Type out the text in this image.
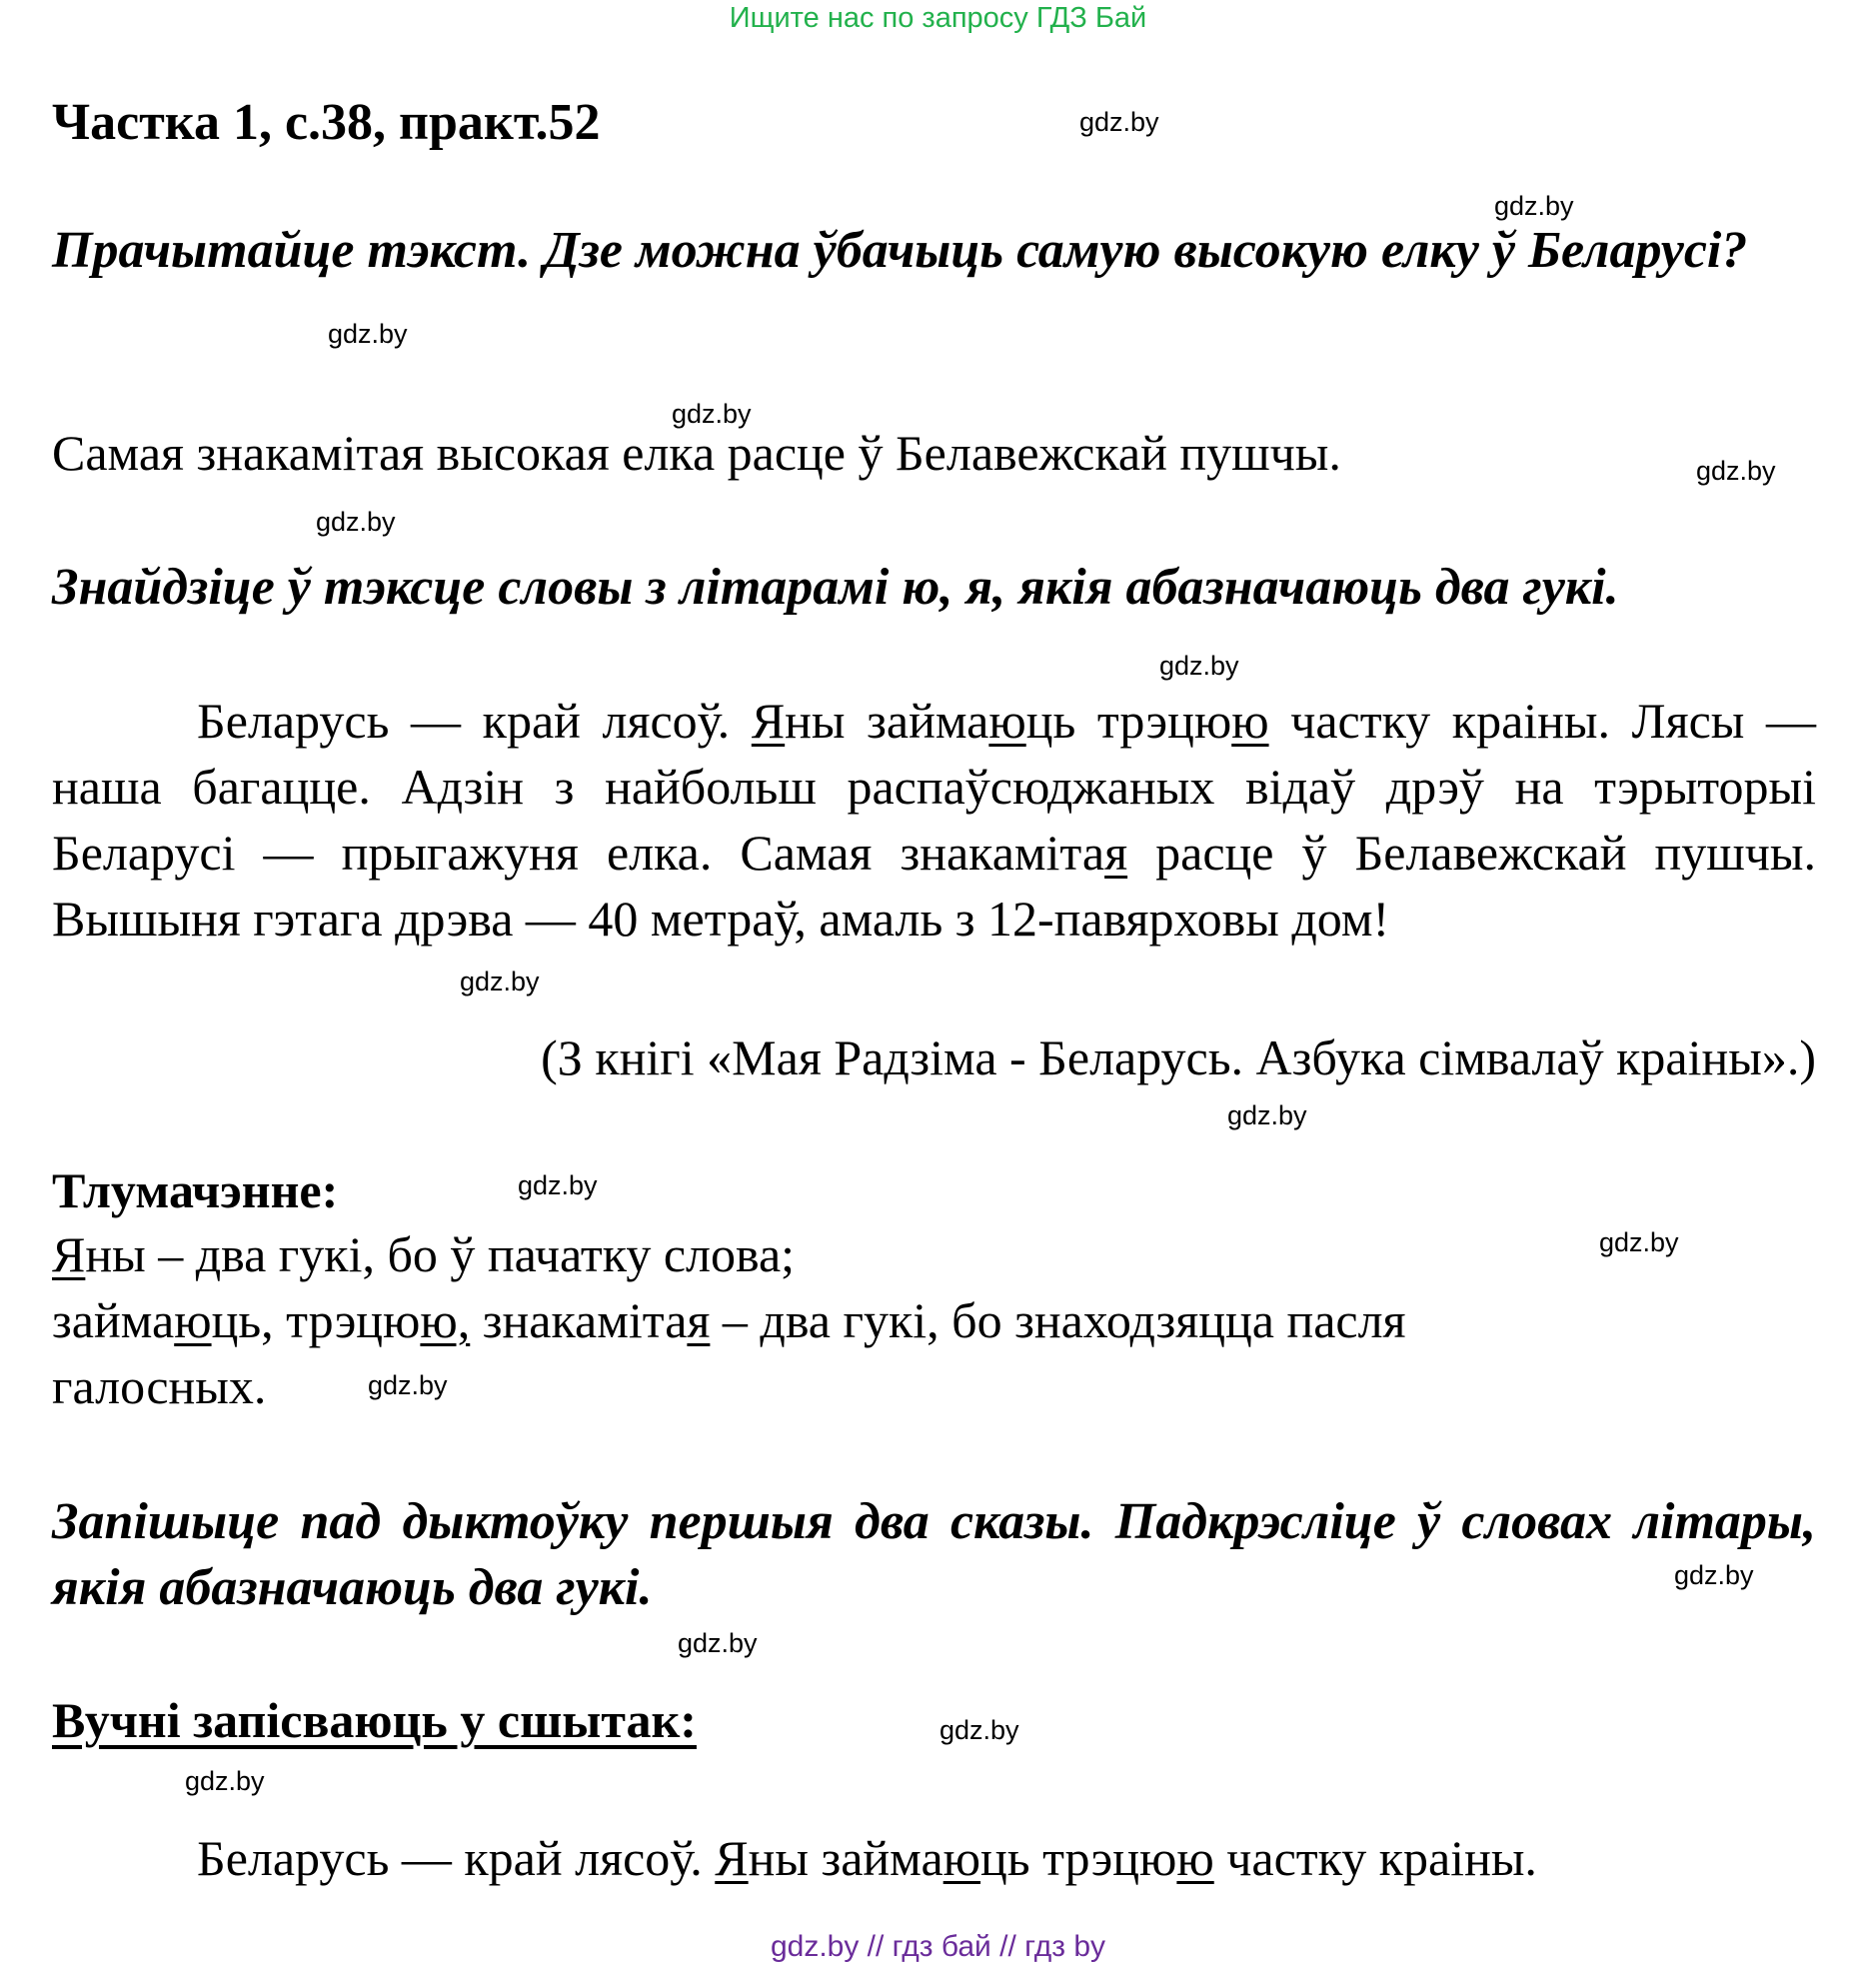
Ищите нас по запросу ГДЗ Бай
Частка 1, с.38, практ.52	gdz.by
gdz.by
gdz.by
gdz.by
gdz.by
gdz.by
gdz.by
gdz.by
gdz.by
gdz.by
gdz.by
gdz.by
gdz.by
gdz.by
gdz.by
gdz.by
Прачытайце тэкст. Дзе можна ўбачыць самую высокую елку ў Беларусі?
Самая знакамітая высокая елка расце ў Белавежскай пушчы.
Знайдзіце ў тэксце словы з літарамі ю, я, якія абазначаюць два гукі.
Беларусь — край лясоў. Яны займаюць трэцюю частку краіны. Лясы — наша багацце. Адзін з найбольш распаўсюджаных відаў дрэў на тэрыторыі Беларусі — прыгажуня елка. Самая знакамітая расце ў Белавежскай пушчы. Вышыня гэтага дрэва — 40 метраў, амаль з 12-павярховы дом!
(З кнігі «Мая Радзіма - Беларусь. Азбука сімвалаў краіны».)
Тлумачэнне:
Яны – два гукі, бо ў пачатку слова;
займаюць, трэцюю, знакамітая – два гукі, бо знаходзяцца пасля
галосных.
Запішыце пад дыктоўку першыя два сказы. Падкрэсліце ў словах літары, якія абазначаюць два гукі.
Вучні запісваюць у сшытак:
Беларусь — край лясоў. Яны займаюць трэцюю частку краіны.
gdz.by // гдз бай // гдз by
